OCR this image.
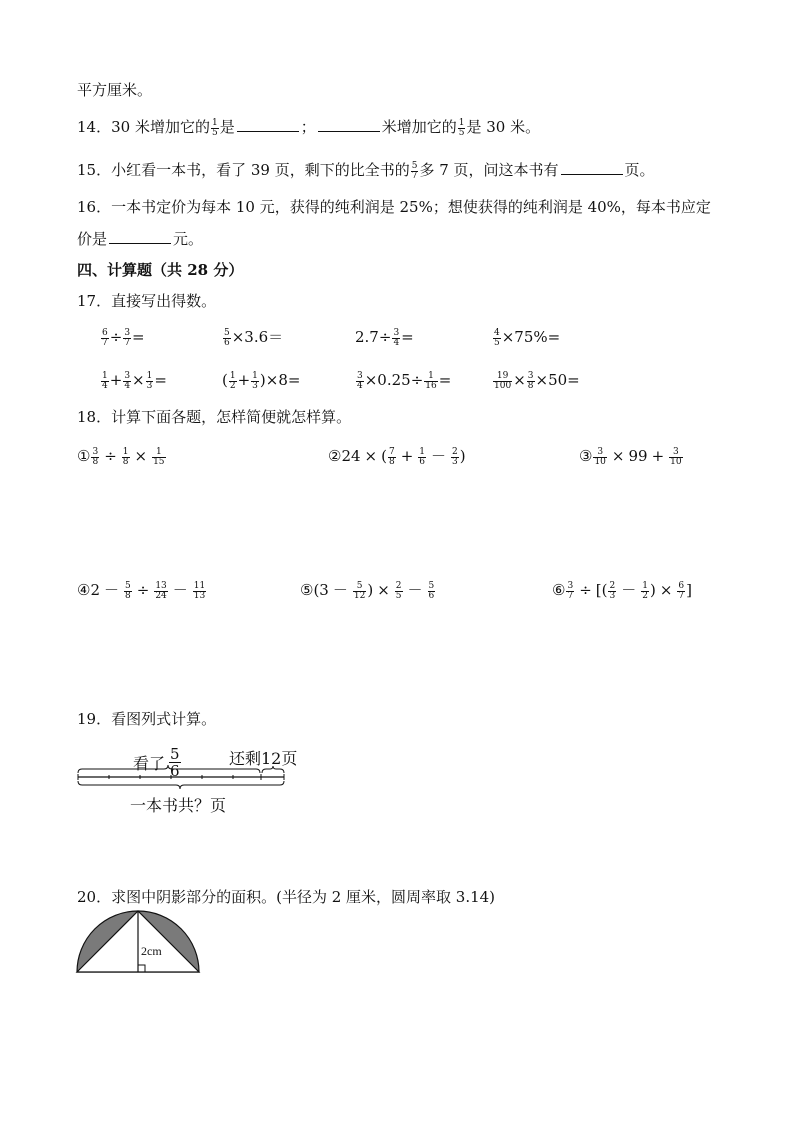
平方厘米。
14．30 米增加它的 $\frac{1}{5}$ 是	；	米增加它的 $\frac{1}{5}$ 是 30 米。
15．小红看一本书，看了 39 页，剩下的比全书的 $\frac{5}{7}$ 多 7 页，问这本书有	页。
16．一本书定价为每本 10 元，获得的纯利润是 25%；想使获得的纯利润是 40%，每本书应定
价是	元。
四、计算题（共 28 分）
17．直接写出得数。
$\frac{6}{7} \div \frac{3}{7}$ =	$\frac{5}{6} \times 3.6=$	$2.7\div \frac{3}{4}$ =	$\frac{4}{5} \times 75\%=$
$\frac{1}{4} + \frac{3}{4} \times \frac{1}{3}$ =	( $\frac{1}{2} + \frac{1}{3} )\times 8=$	$\frac{3}{4} \times 0.25\div \frac{1}{16}$ =	$\frac{19}{100} \times \frac{3}{8} \times 50=$
18．计算下面各题，怎样简便就怎样算。
① $\frac{3}{8} \div \frac{1}{8} \times \frac{1}{15}$	②24 × ( $\frac{7}{8} + \frac{1}{6} - \frac{2}{3}$ )	③ $\frac{3}{10} \times 99 + \frac{3}{10}$
④2 － $\frac{5}{8} \div \frac{13}{24} - \frac{11}{13}$	⑤(3 － $\frac{5}{12}$ ) × $\frac{2}{5} - \frac{5}{6}$	⑥ $\frac{3}{7}$ ÷ [( $\frac{2}{3} - \frac{1}{2}$ ) × $\frac{6}{7}$ ]
19．看图列式计算。
看了 $\frac{5}{6}$	还剩12页
一本书共？页
20．求图中阴影部分的面积。(半径为 2 厘米，圆周率取 3.14)
2cm
